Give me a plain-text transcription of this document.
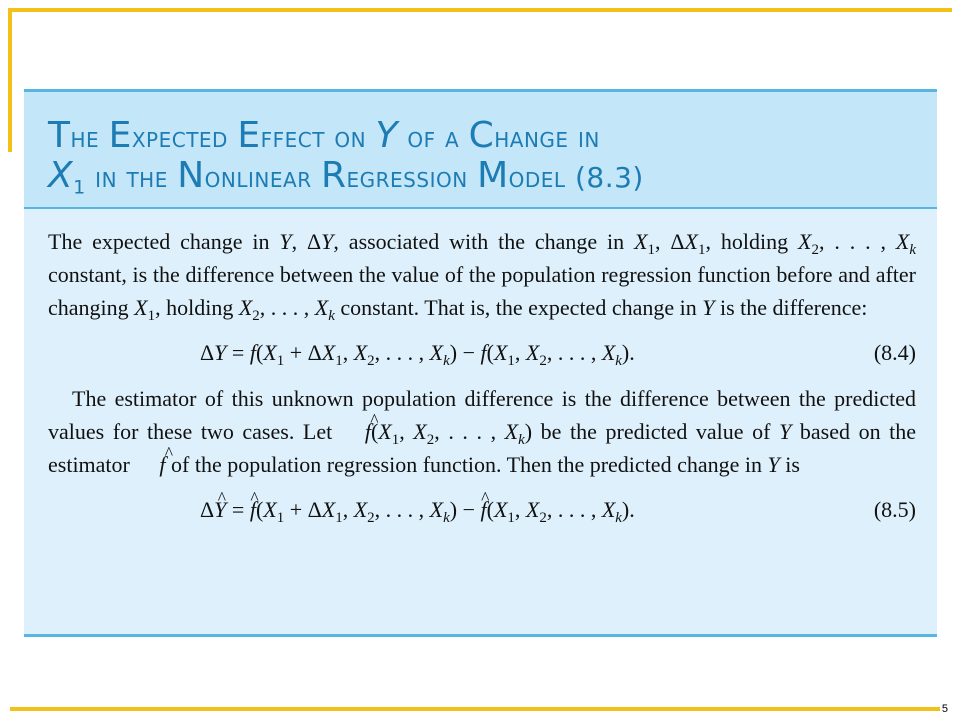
5
The Expected Effect on Y of a Change in
$X_1$ in the Nonlinear Regression Model (8.3)

The expected change in Y, ΔY, associated with the change in $X_1$, $\Delta X_1$, holding $X_2$, . . . , $X_k$ constant, is the difference between the value of the population regression function before and after changing $X_1$, holding $X_2$, . . . , $X_k$ constant. That is, the expected change in Y is the difference:

$\Delta Y = f(X_1 + \Delta X_1$, $X_2$, . . . , $X_k) - f(X_1$, $X_2$, . . . , $X_k$).	(8.4)

The estimator of this unknown population difference is the difference between the predicted values for these two cases. Let ^ $f(X_1$, $X_2$, . . . , $X_k$) be the predicted value of Y based on the estimator ^ f of the population regression function. Then the predicted change in Y is

Δ^ Y = ^ $f(X_1 + \Delta X_1$, $X_2$, . . . , $X_k$) − ^ $f(X_1$, $X_2$, . . . , $X_k$).	(8.5)
